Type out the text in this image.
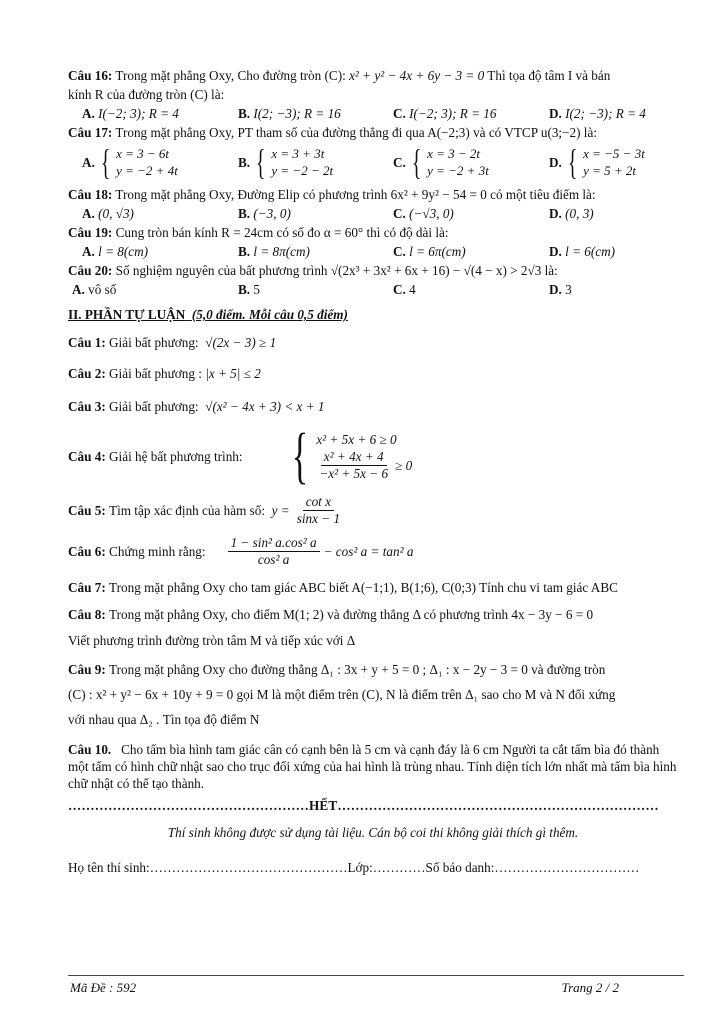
Câu 16: Trong mặt phẳng Oxy, Cho đường tròn (C): x² + y² − 4x + 6y − 3 = 0 Thì tọa độ tâm I và bán
kính R của đường tròn (C) là:

A. I(−2; 3); R = 4	B. I(2; −3); R = 16	C. I(−2; 3); R = 16	D. I(2; −3); R = 4

Câu 17: Trong mặt phẳng Oxy, PT tham số của đường thẳng đi qua A(−2;3) và có VTCP u(3;−2) là:

A. { x = 3 − 6t
y = −2 + 4t
B. { x = 3 + 3t
y = −2 − 2t
C. { x = 3 − 2t
y = −2 + 3t
D. { x = −5 − 3t
y = 5 + 2t

Câu 18: Trong mặt phẳng Oxy, Đường Elip có phương trình 6x² + 9y² − 54 = 0 có một tiêu điểm là:

A. (0, √3)	B. (−3, 0)	C. (−√3, 0)	D. (0, 3)

Câu 19: Cung tròn bán kính R = 24cm có số đo α = 60° thì có độ dài là:

A. l = 8(cm)	B. l = 8π(cm)	C. l = 6π(cm)	D. l = 6(cm)

Câu 20: Số nghiệm nguyên của bất phương trình √(2x³ + 3x² + 6x + 16) − √(4 − x) > 2√3 là:

A. vô số	B. 5	C. 4	D. 3
II. PHẦN TỰ LUẬN (5,0 điểm. Mỗi câu 0,5 điểm)
Câu 1:
Giải bất phương:
√(2x − 3) ≥ 1
Câu 2:
Giải bất phương :
|x + 5| ≤ 2
Câu 3:
Giải bất phương:
√(x² − 4x + 3) < x + 1
Câu 4:
Giải hệ bất phương trình: { x² + 5x + 6 ≥ 0
$\frac{\text{x² + 4x + 4}}{\text{−x² + 5x − 6}} \ge 0$
Câu 5:
Tìm tập xác định của hàm số:
$y = \frac{\text{cot x}}{\sin x - 1}$
Câu 6:
Chứng minh rằng: $\frac{\text{1 − sin² a.cos² a}}{\text{cos² a}} - \cos^2$ a = tan² a
Câu 7:
Trong mặt phẳng Oxy cho tam giác ABC biết A(−1;1), B(1;6), C(0;3) Tính chu vi tam giác ABC
Câu 8:
Trong mặt phẳng Oxy, cho điểm M(1; 2) và đường thẳng Δ có phương trình 4x − 3y − 6 = 0
Viết phương trình đường tròn tâm M và tiếp xúc với Δ
Câu 9:
Trong mặt phẳng Oxy cho đường thẳng Δ₁ : 3x + y + 5 = 0 ; Δ₁ : x − 2y − 3 = 0 và đường tròn
(C) : x² + y² − 6x + 10y + 9 = 0 gọi M là một điểm trên (C), N là điểm trên Δ₁ sao cho M và N đối xứng
với nhau qua Δ₂ . Tìn tọa độ điểm N

Câu 10. Cho tấm bìa hình tam giác cân có cạnh bên là 5 cm và cạnh đáy là 6 cm Người ta cắt tấm bìa đó thành một tấm có hình chữ nhật sao cho trục đối xứng của hai hình là trùng nhau. Tính diện tích lớn nhất mà tấm bìa hình chữ nhật có thể tạo thành.

………………………………………………HẾT………………………………………………………………
Thí sinh không được sử dụng tài liệu. Cán bộ coi thi không giải thích gì thêm.
Họ tên thí sinh:………………………………………Lớp:…………Số báo danh:……………………………
Mã Đề : 592	Trang 2 / 2
